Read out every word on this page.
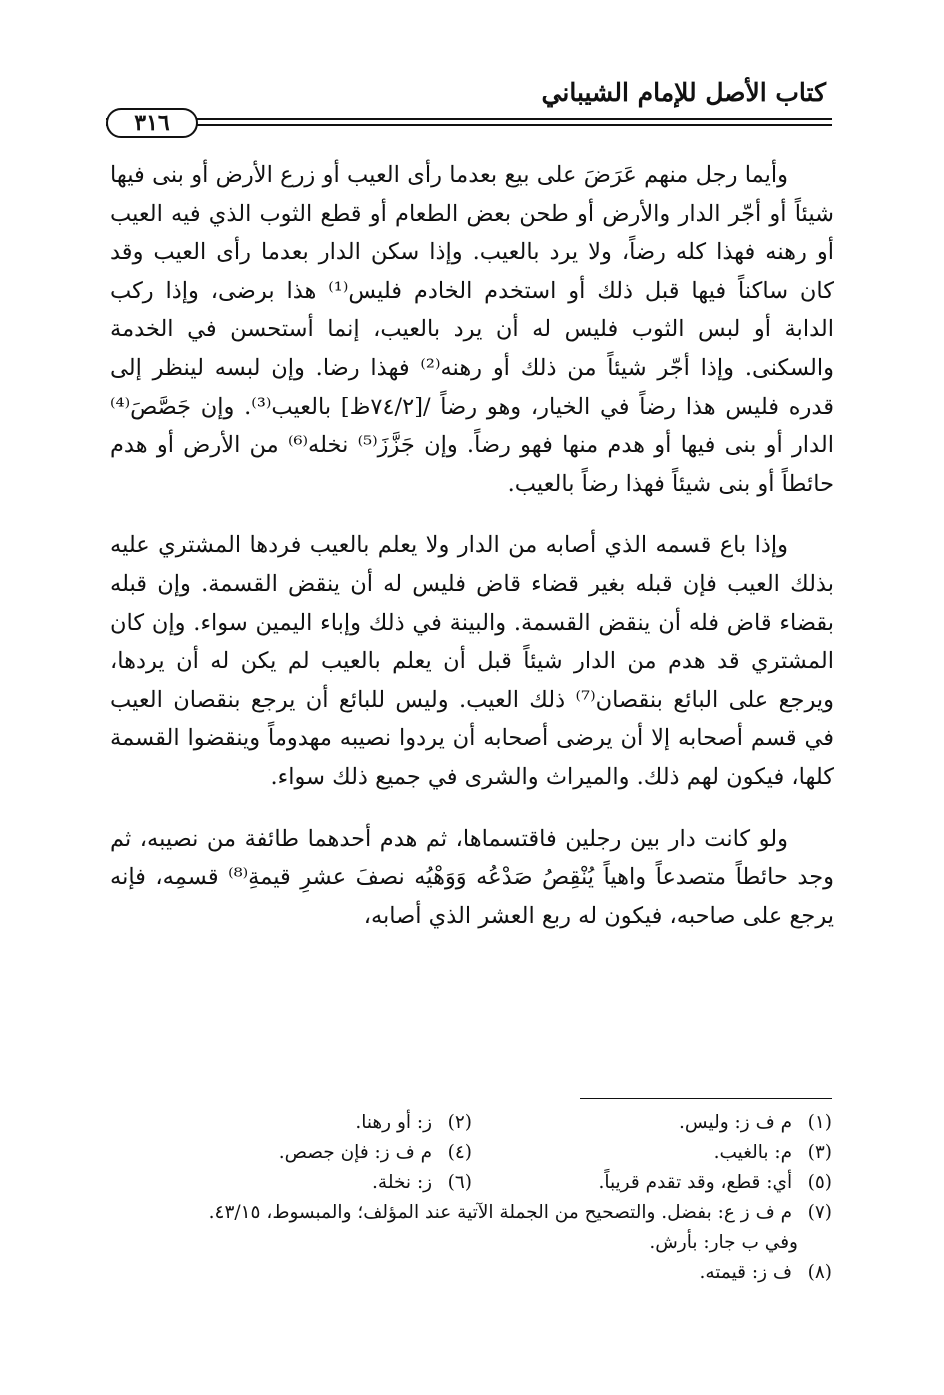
كتاب الأصل للإمام الشيباني
٣١٦

وأيما رجل منهم عَرَضَ على بيع بعدما رأى العيب أو زرع الأرض أو بنى فيها شيئاً أو أجّر الدار والأرض أو طحن بعض الطعام أو قطع الثوب الذي فيه العيب أو رهنه فهذا كله رضاً، ولا يرد بالعيب. وإذا سكن الدار بعدما رأى العيب وقد كان ساكناً فيها قبل ذلك أو استخدم الخادم فليس⁽¹⁾ هذا برضى، وإذا ركب الدابة أو لبس الثوب فليس له أن يرد بالعيب، إنما أستحسن في الخدمة والسكنى. وإذا أجّر شيئاً من ذلك أو رهنه⁽²⁾ فهذا رضا. وإن لبسه لينظر إلى قدره فليس هذا رضاً في الخيار، وهو رضاً /[٧٤/٢ظ] بالعيب⁽³⁾. وإن جَصَّصَ⁽⁴⁾ الدار أو بنى فيها أو هدم منها فهو رضاً. وإن جَزَّزَ⁽⁵⁾ نخله⁽⁶⁾ من الأرض أو هدم حائطاً أو بنى شيئاً فهذا رضاً بالعيب.

وإذا باع قسمه الذي أصابه من الدار ولا يعلم بالعيب فردها المشتري عليه بذلك العيب فإن قبله بغير قضاء قاض فليس له أن ينقض القسمة. وإن قبله بقضاء قاض فله أن ينقض القسمة. والبينة في ذلك وإباء اليمين سواء. وإن كان المشتري قد هدم من الدار شيئاً قبل أن يعلم بالعيب لم يكن له أن يردها، ويرجع على البائع بنقصان⁽⁷⁾ ذلك العيب. وليس للبائع أن يرجع بنقصان العيب في قسم أصحابه إلا أن يرضى أصحابه أن يردوا نصيبه مهدوماً وينقضوا القسمة كلها، فيكون لهم ذلك. والميراث والشرى في جميع ذلك سواء.

ولو كانت دار بين رجلين فاقتسماها، ثم هدم أحدهما طائفة من نصيبه، ثم وجد حائطاً متصدعاً واهياً يُنْقِصُ صَدْعُه وَوَهْيُه نصفَ عشرِ قيمةِ⁽⁸⁾ قسمِه، فإنه يرجع على صاحبه، فيكون له ربع العشر الذي أصابه،

(١) م ف ز: وليس.
(٢) ز: أو رهنا.
(٣) م: بالغيب.
(٤) م ف ز: فإن جصص.
(٥) أي: قطع، وقد تقدم قريباً.
(٦) ز: نخلة.
(٧) م ف ز ع: بفضل. والتصحيح من الجملة الآتية عند المؤلف؛ والمبسوط، ٤٣/١٥.
وفي ب جار: بأرش.
(٨) ف ز: قيمته.
